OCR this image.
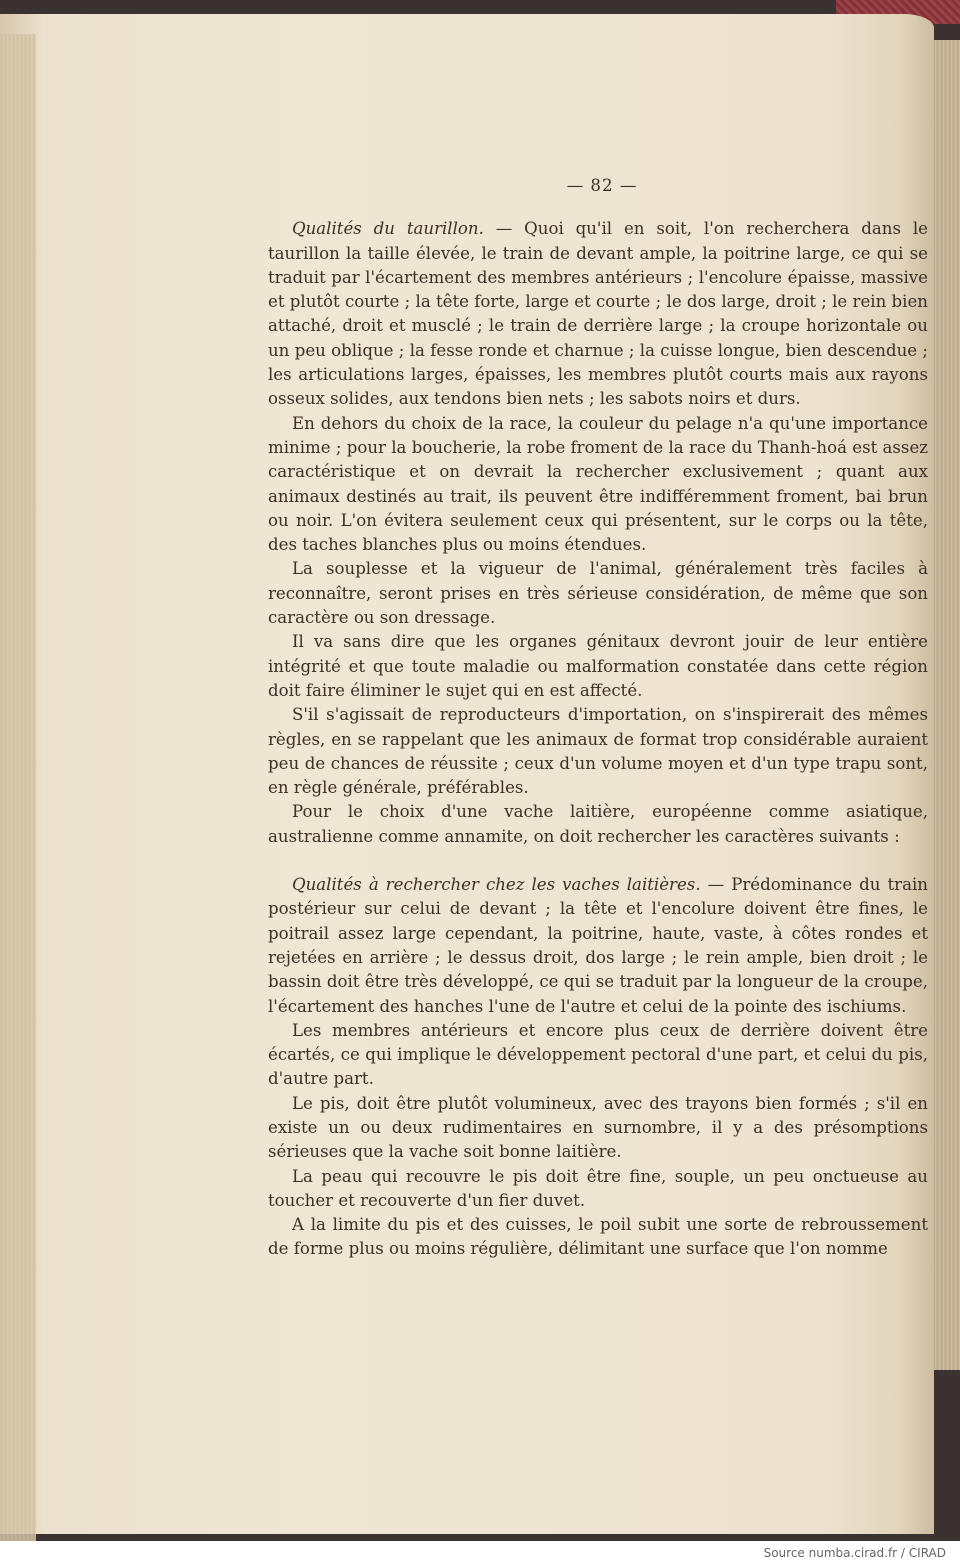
— 82 —

Qualités du taurillon. — Quoi qu'il en soit, l'on recherchera dans le taurillon la taille élevée, le train de devant ample, la poitrine large, ce qui se traduit par l'écartement des membres antérieurs ; l'encolure épaisse, massive et plutôt courte ; la tête forte, large et courte ; le dos large, droit ; le rein bien attaché, droit et musclé ; le train de derrière large ; la croupe horizontale ou un peu oblique ; la fesse ronde et charnue ; la cuisse longue, bien descendue ; les articulations larges, épaisses, les membres plutôt courts mais aux rayons osseux solides, aux tendons bien nets ; les sabots noirs et durs.

En dehors du choix de la race, la couleur du pelage n'a qu'une importance minime ; pour la boucherie, la robe froment de la race du Thanh-hoá est assez caractéristique et on devrait la rechercher exclusivement ; quant aux animaux destinés au trait, ils peuvent être indifféremment froment, bai brun ou noir. L'on évitera seulement ceux qui présentent, sur le corps ou la tête, des taches blanches plus ou moins étendues.

La souplesse et la vigueur de l'animal, généralement très faciles à reconnaître, seront prises en très sérieuse considération, de même que son caractère ou son dressage.

Il va sans dire que les organes génitaux devront jouir de leur entière intégrité et que toute maladie ou malformation constatée dans cette région doit faire éliminer le sujet qui en est affecté.

S'il s'agissait de reproducteurs d'importation, on s'inspirerait des mêmes règles, en se rappelant que les animaux de format trop considérable auraient peu de chances de réussite ; ceux d'un volume moyen et d'un type trapu sont, en règle générale, préférables.

Pour le choix d'une vache laitière, européenne comme asiatique, australienne comme annamite, on doit rechercher les caractères suivants :

Qualités à rechercher chez les vaches laitières. — Prédominance du train postérieur sur celui de devant ; la tête et l'encolure doivent être fines, le poitrail assez large cependant, la poitrine, haute, vaste, à côtes rondes et rejetées en arrière ; le dessus droit, dos large ; le rein ample, bien droit ; le bassin doit être très développé, ce qui se traduit par la longueur de la croupe, l'écartement des hanches l'une de l'autre et celui de la pointe des ischiums.

Les membres antérieurs et encore plus ceux de derrière doivent être écartés, ce qui implique le développement pectoral d'une part, et celui du pis, d'autre part.

Le pis, doit être plutôt volumineux, avec des trayons bien formés ; s'il en existe un ou deux rudimentaires en surnombre, il y a des présomptions sérieuses que la vache soit bonne laitière.

La peau qui recouvre le pis doit être fine, souple, un peu onctueuse au toucher et recouverte d'un fier duvet.

A la limite du pis et des cuisses, le poil subit une sorte de rebroussement de forme plus ou moins régulière, délimitant une surface que l'on nomme

Source numba.cirad.fr / CIRAD
